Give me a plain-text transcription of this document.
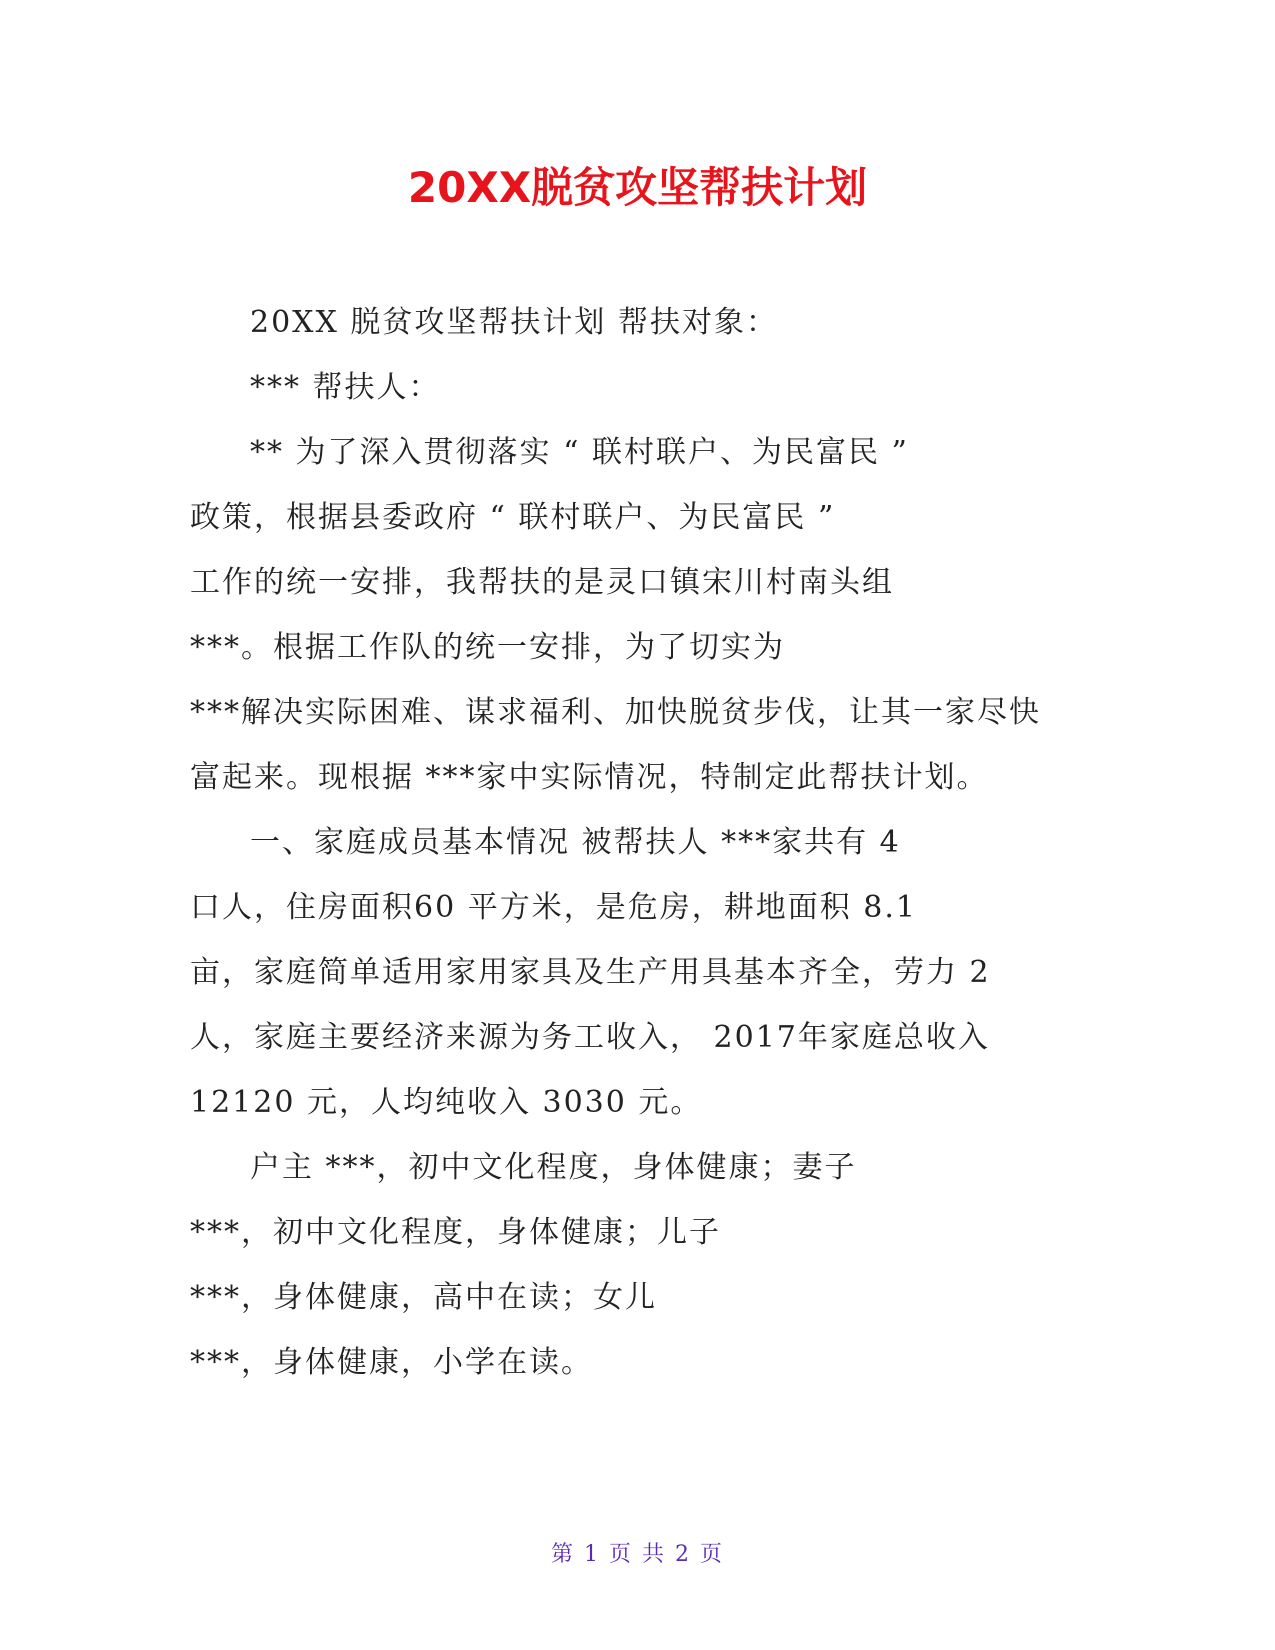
20XX脱贫攻坚帮扶计划
20XX 脱贫攻坚帮扶计划 帮扶对象：
*** 帮扶人：
** 为了深入贯彻落实 “ 联村联户、为民富民 ”
政策，根据县委政府 “ 联村联户、为民富民 ”
工作的统一安排，我帮扶的是灵口镇宋川村南头组
***。根据工作队的统一安排，为了切实为
***解决实际困难、谋求福利、加快脱贫步伐，让其一家尽快
富起来。现根据 ***家中实际情况，特制定此帮扶计划。
一、家庭成员基本情况 被帮扶人 ***家共有 4
口人，住房面积60 平方米，是危房，耕地面积 8.1
亩，家庭简单适用家用家具及生产用具基本齐全，劳力 2
人，家庭主要经济来源为务工收入， 2017年家庭总收入
12120 元，人均纯收入 3030 元。
户主 ***，初中文化程度，身体健康；妻子
***，初中文化程度，身体健康；儿子
***，身体健康，高中在读；女儿
***，身体健康，小学在读。
第 1 页 共 2 页
